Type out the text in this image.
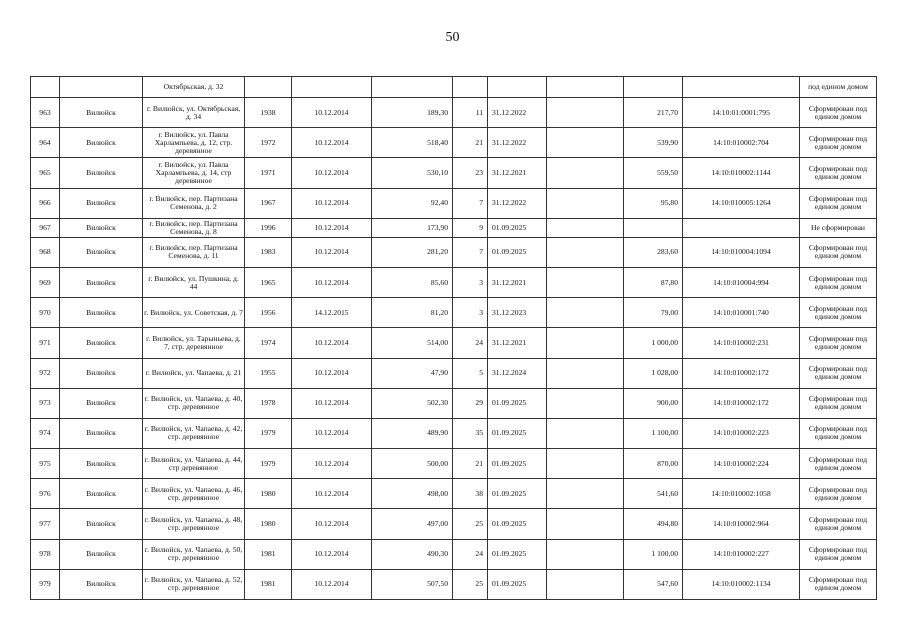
50
		Октябрьская, д. 32									под едином домом
963	Вилюйск	г. Вилюйск, ул. Октябрьская, д. 34	1938	10.12.2014	189,30	11	31.12.2022		217,70	14:10:01:0001:795	Сформирован под едином домом
964	Вилюйск	г. Вилюйск, ул. Павла Харлампьева, д. 12, стр. деревянное	1972	10.12.2014	518,40	21	31.12.2022		539,90	14:10:010002:704	Сформирован под едином домом
965	Вилюйск	г. Вилюйск, ул. Павла Харлампьева, д. 14, стр деревянное	1971	10.12.2014	530,10	23	31.12.2021		559,50	14:10:010002:1144	Сформирован под едином домом
966	Вилюйск	г. Вилюйск, пер. Партизана Семенова, д. 2	1967	10.12.2014	92,40	7	31.12.2022		95,80	14:10:010005:1264	Сформирован под едином домом
967	Вилюйск	г. Вилюйск, пер. Партизана Семенова, д. 8	1996	10.12.2014	173,90	9	01.09.2025				Не сформирован
968	Вилюйск	г. Вилюйск, пер. Партизана Семенова, д. 11	1983	10.12.2014	281,20	7	01.09.2025		283,60	14:10:010004:1094	Сформирован под едином домом
969	Вилюйск	г. Вилюйск, ул. Пушкина, д. 44	1965	10.12.2014	85,60	3	31.12.2021		87,80	14:10:010004:994	Сформирован под едином домом
970	Вилюйск	г. Вилюйск, ул. Советская, д. 7	1956	14.12.2015	81,20	3	31.12.2023		79,00	14:10:010001:740	Сформирован под едином домом
971	Вилюйск	г. Вилюйск, ул. Тарыньева, д. 7, стр. деревянное	1974	10.12.2014	514,00	24	31.12.2021		1 000,00	14:10:010002:231	Сформирован под едином домом
972	Вилюйск	г. Вилюйск, ул. Чапаева, д. 21	1955	10.12.2014	47,90	5	31.12.2024		1 028,00	14:10:010002:172	Сформирован под едином домом
973	Вилюйск	г. Вилюйск, ул. Чапаева, д. 40, стр. деревянное	1978	10.12.2014	502,30	29	01.09.2025		900,00	14:10:010002:172	Сформирован под едином домом
974	Вилюйск	г. Вилюйск, ул. Чапаева, д. 42, стр. деревянное	1979	10.12.2014	489,90	35	01.09.2025		1 100,00	14:10:010002:223	Сформирован под едином домом
975	Вилюйск	г. Вилюйск, ул. Чапаева, д. 44, стр деревянное	1979	10.12.2014	500,00	21	01.09.2025		870,00	14:10:010002:224	Сформирован под едином домом
976	Вилюйск	г. Вилюйск, ул. Чапаева, д. 46, стр. деревянное	1980	10.12.2014	498,00	38	01.09.2025		541,60	14:10:010002:1058	Сформирован под едином домом
977	Вилюйск	г. Вилюйск, ул. Чапаева, д. 48, стр. деревянное	1980	10.12.2014	497,00	25	01.09.2025		494,80	14:10:010002:964	Сформирован под едином домом
978	Вилюйск	г. Вилюйск, ул. Чапаева, д. 50, стр. деревянное	1981	10.12.2014	490,30	24	01.09.2025		1 100,00	14:10:010002:227	Сформирован под едином домом
979	Вилюйск	г. Вилюйск, ул. Чапаева, д. 52, стр. деревянное	1981	10.12.2014	507,50	25	01.09.2025		547,60	14:10:010002:1134	Сформирован под едином домом
